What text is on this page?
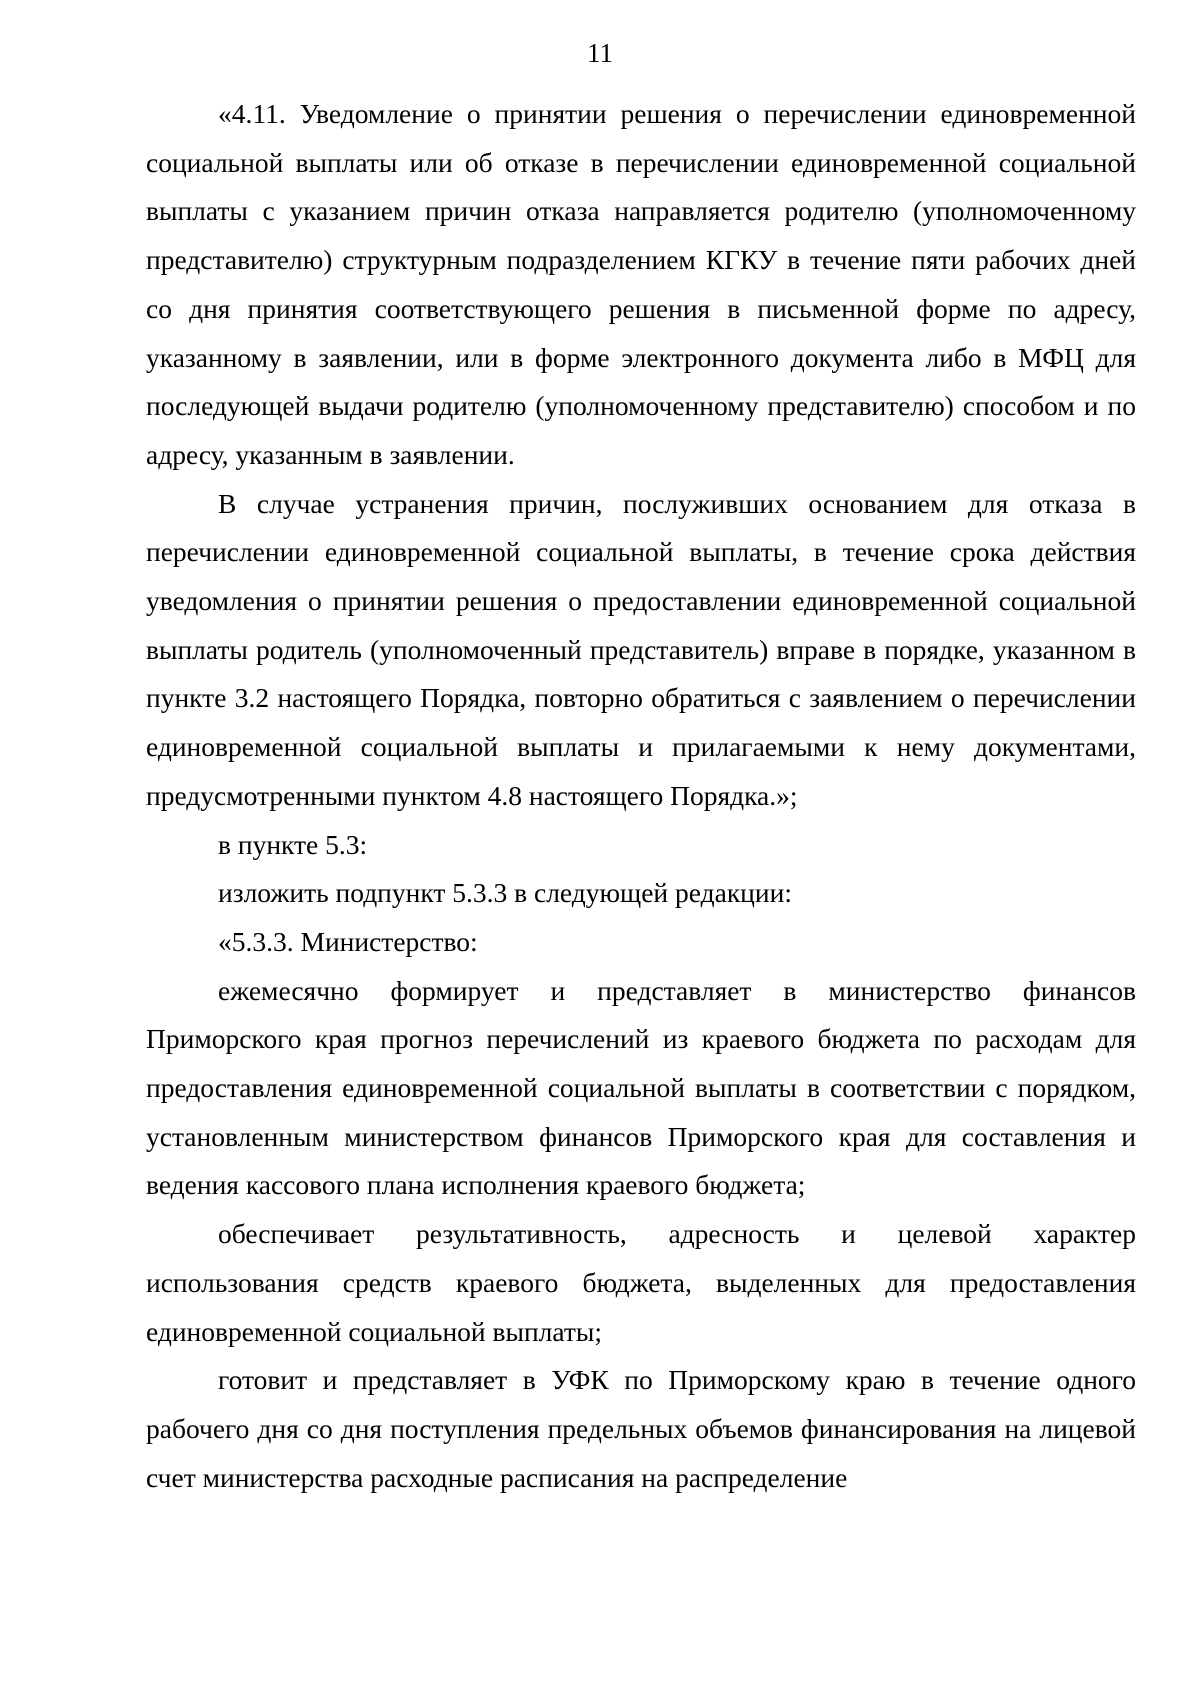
11

«4.11. Уведомление о принятии решения о перечислении единовременной социальной выплаты или об отказе в перечислении единовременной социальной выплаты с указанием причин отказа направляется родителю (уполномоченному представителю) структурным подразделением КГКУ в течение пяти рабочих дней со дня принятия соответствующего решения в письменной форме по адресу, указанному в заявлении, или в форме электронного документа либо в МФЦ для последующей выдачи родителю (уполномоченному представителю) способом и по адресу, указанным в заявлении.

В случае устранения причин, послуживших основанием для отказа в перечислении единовременной социальной выплаты, в течение срока действия уведомления о принятии решения о предоставлении единовременной социальной выплаты родитель (уполномоченный представитель) вправе в порядке, указанном в пункте 3.2 настоящего Порядка, повторно обратиться с заявлением о перечислении единовременной социальной выплаты и прилагаемыми к нему документами, предусмотренными пунктом 4.8 настоящего Порядка.»;

в пункте 5.3:

изложить подпункт 5.3.3 в следующей редакции:

«5.3.3. Министерство:

ежемесячно формирует и представляет в министерство финансов Приморского края прогноз перечислений из краевого бюджета по расходам для предоставления единовременной социальной выплаты в соответствии с порядком, установленным министерством финансов Приморского края для составления и ведения кассового плана исполнения краевого бюджета;

обеспечивает результативность, адресность и целевой характер использования средств краевого бюджета, выделенных для предоставления единовременной социальной выплаты;

готовит и представляет в УФК по Приморскому краю в течение одного рабочего дня со дня поступления предельных объемов финансирования на лицевой счет министерства расходные расписания на распределение
